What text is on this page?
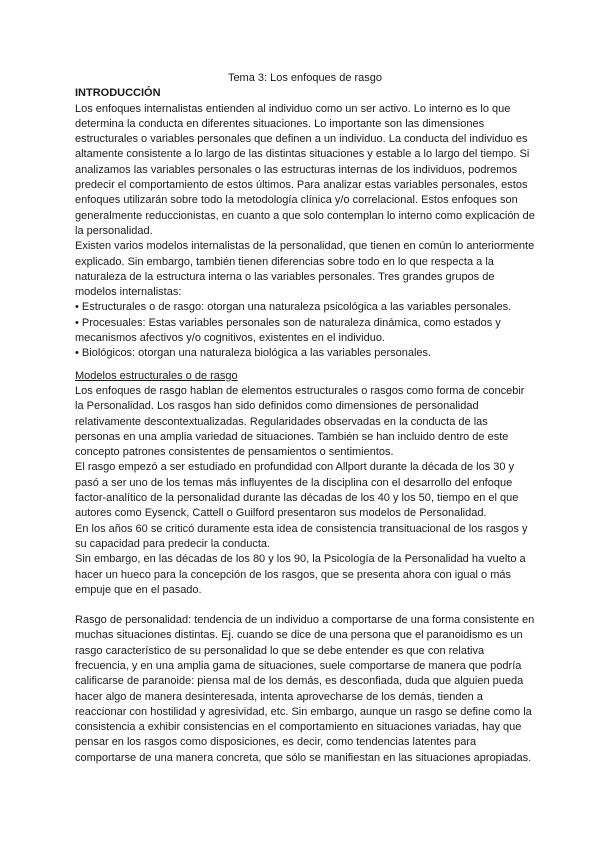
Tema 3: Los enfoques de rasgo

INTRODUCCIÓN

Los enfoques internalistas entienden al individuo como un ser activo. Lo interno es lo que determina la conducta en diferentes situaciones. Lo importante son las dimensiones estructurales o variables personales que definen a un individuo. La conducta del individuo es altamente consistente a lo largo de las distintas situaciones y estable a lo largo del tiempo. Si analizamos las variables personales o las estructuras internas de los individuos, podremos predecir el comportamiento de estos últimos. Para analizar estas variables personales, estos enfoques utilizarán sobre todo la metodología clínica y/o correlacional. Estos enfoques son generalmente reduccionistas, en cuanto a que solo contemplan lo interno como explicación de la personalidad.

Existen varios modelos internalistas de la personalidad, que tienen en común lo anteriormente explicado. Sin embargo, también tienen diferencias sobre todo en lo que respecta a la naturaleza de la estructura interna o las variables personales. Tres grandes grupos de modelos internalistas:

• Estructurales o de rasgo: otorgan una naturaleza psicológica a las variables personales.
• Procesuales: Estas variables personales son de naturaleza dinámica, como estados y mecanismos afectivos y/o cognitivos, existentes en el individuo.
• Biológicos: otorgan una naturaleza biológica a las variables personales.

Modelos estructurales o de rasgo

Los enfoques de rasgo hablan de elementos estructurales o rasgos como forma de concebir la Personalidad. Los rasgos han sido definidos como dimensiones de personalidad relativamente descontextualizadas. Regularidades observadas en la conducta de las personas en una amplia variedad de situaciones. También se han incluido dentro de este concepto patrones consistentes de pensamientos o sentimientos.

El rasgo empezó a ser estudiado en profundidad con Allport durante la década de los 30 y pasó a ser uno de los temas más influyentes de la disciplina con el desarrollo del enfoque factor-analítico de la personalidad durante las décadas de los 40 y los 50, tiempo en el que autores como Eysenck, Cattell o Guilford presentaron sus modelos de Personalidad.

En los años 60 se criticó duramente esta idea de consistencia transituacional de los rasgos y su capacidad para predecir la conducta.

Sin embargo, en las décadas de los 80 y los 90, la Psicología de la Personalidad ha vuelto a hacer un hueco para la concepción de los rasgos, que se presenta ahora con igual o más empuje que en el pasado.

Rasgo de personalidad: tendencia de un individuo a comportarse de una forma consistente en muchas situaciones distintas. Ej. cuando se dice de una persona que el paranoidismo es un rasgo característico de su personalidad lo que se debe entender es que con relativa frecuencia, y en una amplia gama de situaciones, suele comportarse de manera que podría calificarse de paranoide: piensa mal de los demás, es desconfiada, duda que alguien pueda hacer algo de manera desinteresada, intenta aprovecharse de los demás, tienden a reaccionar con hostilidad y agresividad, etc. Sin embargo, aunque un rasgo se define como la consistencia a exhibir consistencias en el comportamiento en situaciones variadas, hay que pensar en los rasgos como disposiciones, es decir, como tendencias latentes para comportarse de una manera concreta, que sólo se manifiestan en las situaciones apropiadas.
